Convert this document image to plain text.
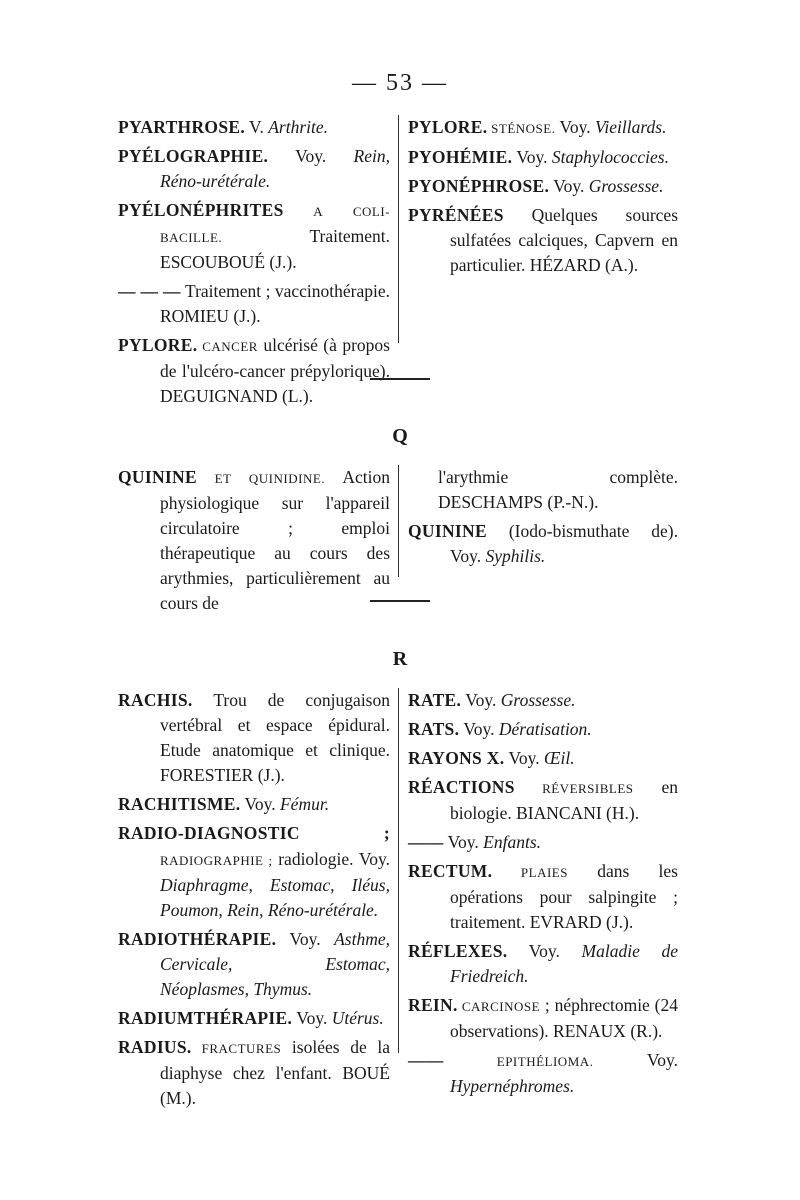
— 53 —

PYARTHROSE. V. Arthrite.

PYÉLOGRAPHIE. Voy. Rein, Réno-urétérale.

PYÉLONÉPHRITES A COLI-BACILLE. Traitement. ESCOUBOUÉ (J.).

— — — Traitement ; vaccinothérapie. ROMIEU (J.).

PYLORE. CANCER ulcérisé (à propos de l'ulcéro-cancer prépylorique). DEGUIGNAND (L.).

PYLORE. STÉNOSE. Voy. Vieillards.

PYOHÉMIE. Voy. Staphylococcies.

PYONÉPHROSE. Voy. Grossesse.

PYRÉNÉES Quelques sources sulfatées calciques, Capvern en particulier. HÉZARD (A.).

Q

QUININE ET QUINIDINE. Action physiologique sur l'appareil circulatoire ; emploi thérapeutique au cours des arythmies, particulièrement au cours de

l'arythmie complète. DESCHAMPS (P.-N.).

QUININE (Iodo-bismuthate de). Voy. Syphilis.

R

RACHIS. Trou de conjugaison vertébral et espace épidural. Etude anatomique et clinique. FORESTIER (J.).

RACHITISME. Voy. Fémur.

RADIO-DIAGNOSTIC ; RADIOGRAPHIE ; radiologie. Voy. Diaphragme, Estomac, Iléus, Poumon, Rein, Réno-urétérale.

RADIOTHÉRAPIE. Voy. Asthme, Cervicale, Estomac, Néoplasmes, Thymus.

RADIUMTHÉRAPIE. Voy. Utérus.

RADIUS. FRACTURES isolées de la diaphyse chez l'enfant. BOUÉ (M.).

RATE. Voy. Grossesse.

RATS. Voy. Dératisation.

RAYONS X. Voy. Œil.

RÉACTIONS RÉVERSIBLES en biologie. BIANCANI (H.).

—— Voy. Enfants.

RECTUM. PLAIES dans les opérations pour salpingite ; traitement. EVRARD (J.).

RÉFLEXES. Voy. Maladie de Friedreich.

REIN. CARCINOSE ; néphrectomie (24 observations). RENAUX (R.).

—— EPITHÉLIOMA. Voy. Hypernéphromes.
